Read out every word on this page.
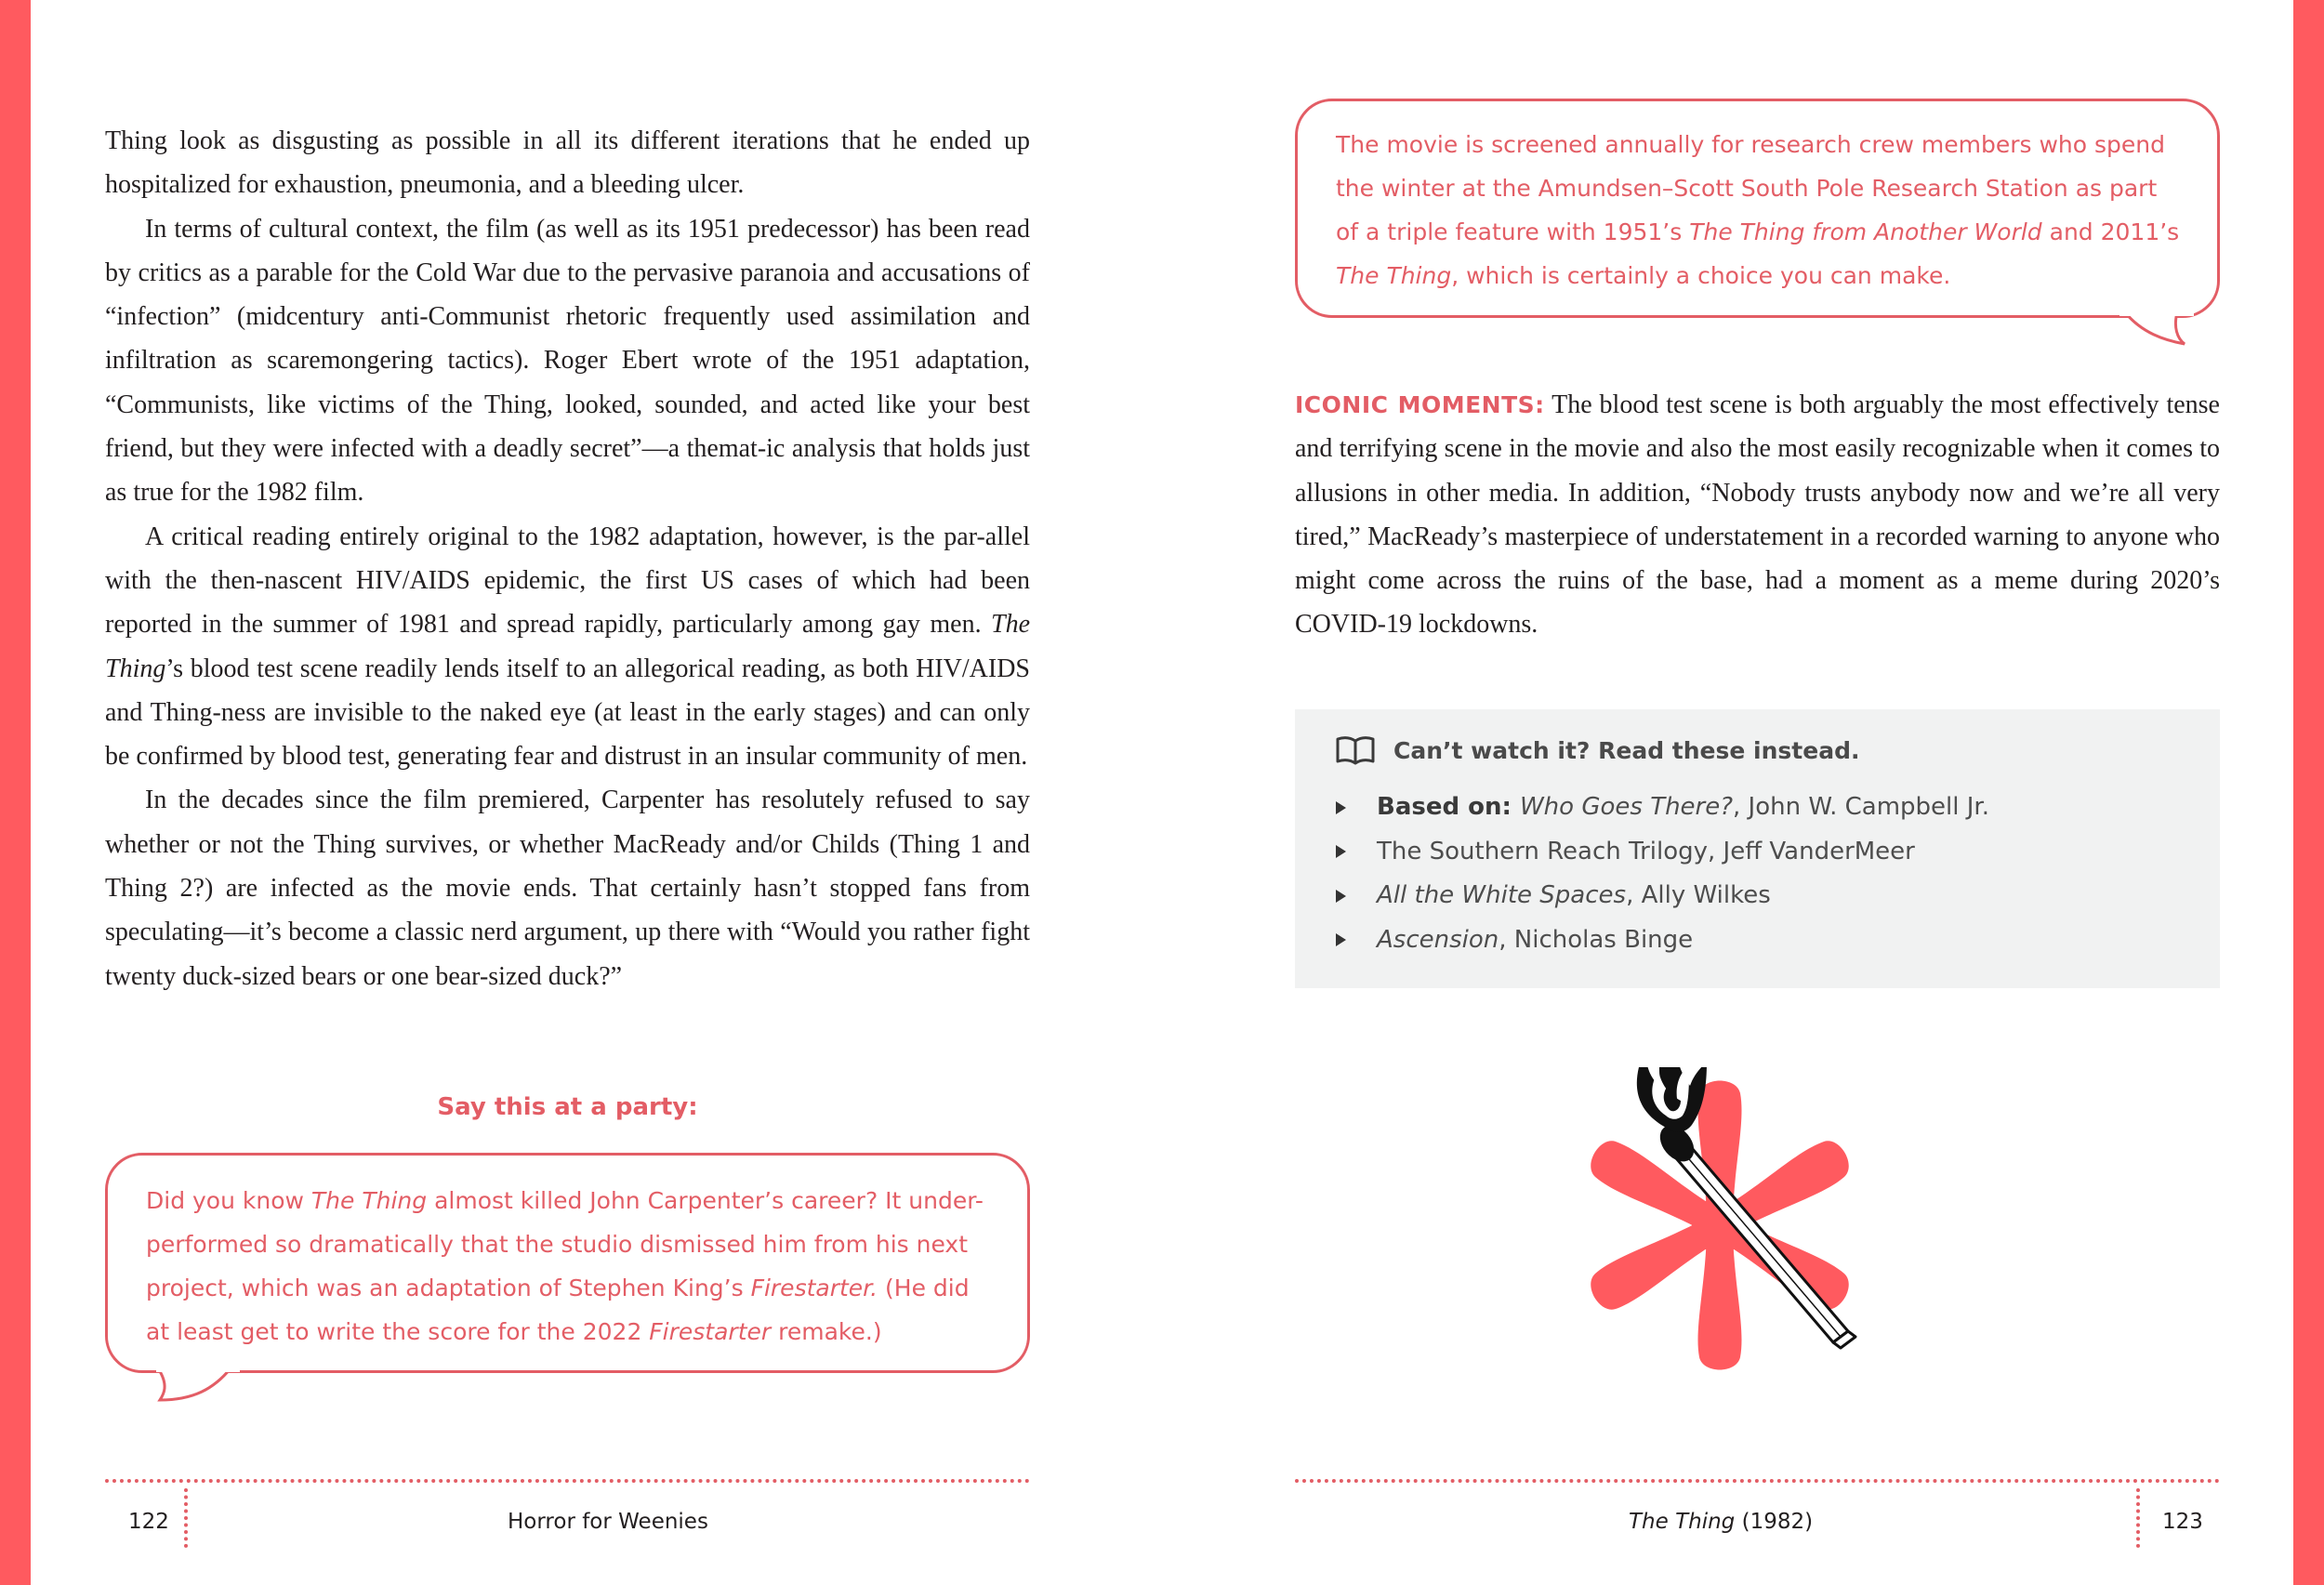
Thing look as disgusting as possible in all its different iterations that he ended up hospitalized for exhaustion, pneumonia, and a bleeding ulcer.

In terms of cultural context, the film (as well as its 1951 predecessor) has been read by critics as a parable for the Cold War due to the pervasive paranoia and accusations of “infection” (midcentury anti-Communist rhetoric frequently used assimilation and infiltration as scaremongering tactics). Roger Ebert wrote of the 1951 adaptation, “Communists, like victims of the Thing, looked, sounded, and acted like your best friend, but they were infected with a deadly secret”—a themat-ic analysis that holds just as true for the 1982 film.

A critical reading entirely original to the 1982 adaptation, however, is the par-allel with the then-nascent HIV/AIDS epidemic, the first US cases of which had been reported in the summer of 1981 and spread rapidly, particularly among gay men. The Thing’s blood test scene readily lends itself to an allegorical reading, as both HIV/AIDS and Thing-ness are invisible to the naked eye (at least in the early stages) and can only be confirmed by blood test, generating fear and distrust in an insular community of men.

In the decades since the film premiered, Carpenter has resolutely refused to say whether or not the Thing survives, or whether MacReady and/or Childs (Thing 1 and Thing 2?) are infected as the movie ends. That certainly hasn’t stopped fans from speculating—it’s become a classic nerd argument, up there with “Would you rather fight twenty duck-sized bears or one bear-sized duck?”

Say this at a party:
Did you know The Thing almost killed John Carpenter’s career? It under-performed so dramatically that the studio dismissed him from his next project, which was an adaptation of Stephen King’s Firestarter. (He did at least get to write the score for the 2022 Firestarter remake.)
The movie is screened annually for research crew members who spend the winter at the Amundsen–Scott South Pole Research Station as part of a triple feature with 1951’s The Thing from Another World and 2011’s The Thing, which is certainly a choice you can make.

ICONIC MOMENTS: The blood test scene is both arguably the most effectively tense and terrifying scene in the movie and also the most easily recognizable when it comes to allusions in other media. In addition, “Nobody trusts anybody now and we’re all very tired,” MacReady’s masterpiece of understatement in a recorded warning to anyone who might come across the ruins of the base, had a moment as a meme during 2020’s COVID-19 lockdowns.

Can’t watch it? Read these instead.
Based on: Who Goes There?, John W. Campbell Jr.
The Southern Reach Trilogy, Jeff VanderMeer
All the White Spaces, Ally Wilkes
Ascension, Nicholas Binge
122	Horror for Weenies	The Thing (1982)	123
